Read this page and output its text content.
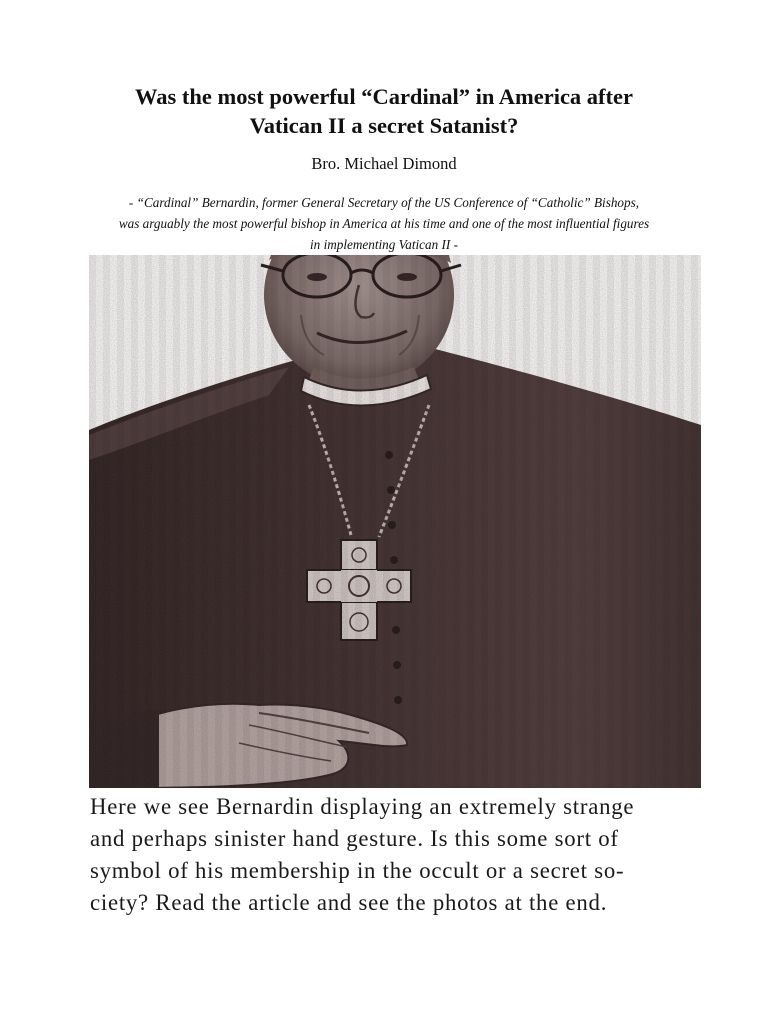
Was the most powerful “Cardinal” in America after
Vatican II a secret Satanist?
Bro. Michael Dimond
- “Cardinal” Bernardin, former General Secretary of the US Conference of “Catholic” Bishops,
was arguably the most powerful bishop in America at his time and one of the most influential figures
in implementing Vatican II -
Here we see Bernardin displaying an extremely strange
and perhaps sinister hand gesture. Is this some sort of
symbol of his membership in the occult or a secret so-
ciety? Read the article and see the photos at the end.
